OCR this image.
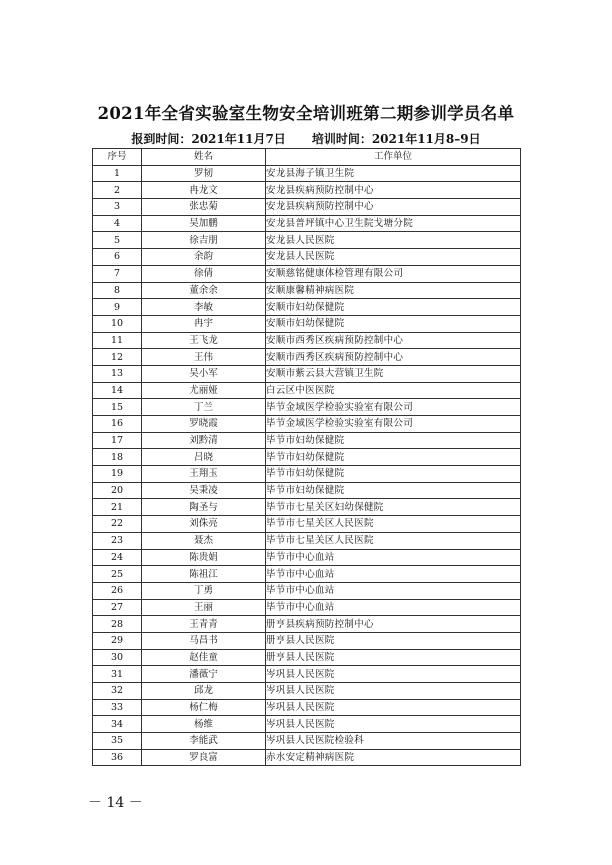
2021年全省实验室生物安全培训班第二期参训学员名单
报到时间：2021年11月7日 培训时间：2021年11月8–9日
序号	姓名	工作单位
1	罗韧	安龙县海子镇卫生院
2	冉龙文	安龙县疾病预防控制中心
3	张忠菊	安龙县疾病预防控制中心
4	吴加鹏	安龙县普坪镇中心卫生院戈塘分院
5	徐吉朋	安龙县人民医院
6	余韵	安龙县人民医院
7	徐倩	安顺慈铭健康体检管理有限公司
8	董余余	安顺康馨精神病医院
9	李敏	安顺市妇幼保健院
10	冉宇	安顺市妇幼保健院
11	王飞龙	安顺市西秀区疾病预防控制中心
12	王伟	安顺市西秀区疾病预防控制中心
13	吴小军	安顺市紫云县大营镇卫生院
14	尤丽娅	白云区中医医院
15	丁兰	毕节金域医学检验实验室有限公司
16	罗晓霞	毕节金域医学检验实验室有限公司
17	刘黔清	毕节市妇幼保健院
18	吕晓	毕节市妇幼保健院
19	王翔玉	毕节市妇幼保健院
20	吴秉凌	毕节市妇幼保健院
21	陶圣与	毕节市七星关区妇幼保健院
22	刘侏亮	毕节市七星关区人民医院
23	聂杰	毕节市七星关区人民医院
24	陈贵娟	毕节市中心血站
25	陈祖江	毕节市中心血站
26	丁勇	毕节市中心血站
27	王丽	毕节市中心血站
28	王青青	册亨县疾病预防控制中心
29	马昌书	册亨县人民医院
30	赵佳童	册亨县人民医院
31	潘薇宁	岑巩县人民医院
32	邱龙	岑巩县人民医院
33	杨仁梅	岑巩县人民医院
34	杨维	岑巩县人民医院
35	李能武	岑巩县人民医院检验科
36	罗良富	赤水安定精神病医院
－ 14 －
